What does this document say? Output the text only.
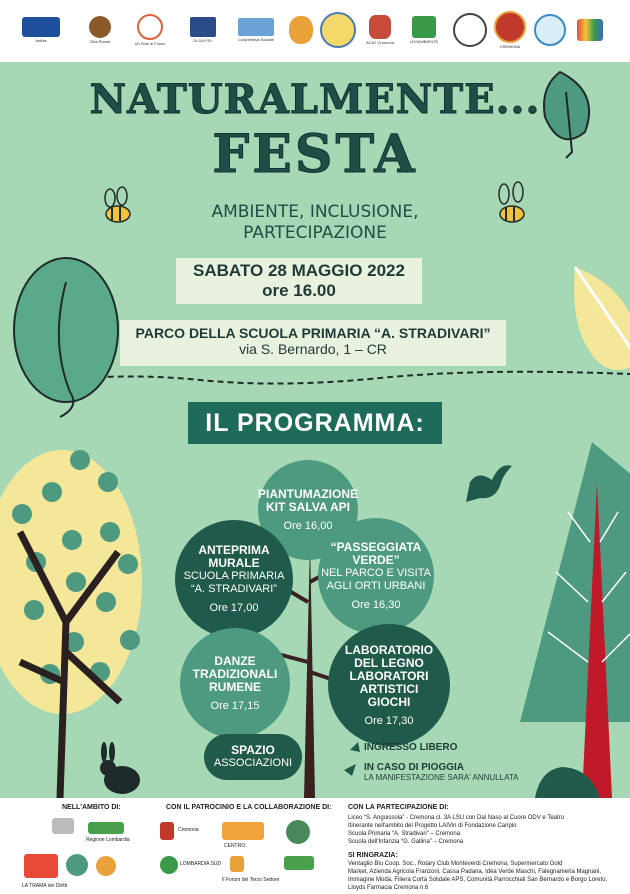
Anffas	Città Rurale	Un Sole di Fuoco
DI.DA.PSI.	Cooperativa Sociale
ACAT Cremona	LEGAMBIENTE
CREMONA
NATURALMENTE...
FESTA
AMBIENTE, INCLUSIONE,
PARTECIPAZIONE
SABATO 28 MAGGIO 2022
ore 16.00
PARCO DELLA SCUOLA PRIMARIA “A. STRADIVARI”
via S. Bernardo, 1 – CR
IL PROGRAMMA:
PIANTUMAZIONE
KIT SALVA API
Ore 16,00
ANTEPRIMA
MURALE
SCUOLA PRIMARIA
“A. STRADIVARI”
Ore 17,00
“PASSEGGIATA
VERDE”
NEL PARCO E VISITA
AGLI ORTI URBANI
Ore 16,30
DANZE
TRADIZIONALI
RUMENE
Ore 17,15
LABORATORIO
DEL LEGNO
LABORATORI
ARTISTICI
GIOCHI
Ore 17,30
SPAZIO
ASSOCIAZIONI
INGRESSO LIBERO
IN CASO DI PIOGGIA
LA MANIFESTAZIONE SARA' ANNULLATA
NELL'AMBITO DI:
Regione Lombardia
LA TRAMA dei Diritti
CON IL PATROCINIO E LA COLLABORAZIONE DI:
Cremona
CENTRO
LOMBARDIA SUD
Il Forum del Terzo Settore
CON LA PARTECIPAZIONE DI:
Liceo “S. Anguissola” - Cremona cl. 3A LSU con Dal Naso al Cuore ODV e Teatro
Itinerante nell'ambito del Progetto LAIVin di Fondazione Cariplo
Scuola Primaria “A. Stradivari” – Cremona
Scuola dell'Infanzia “G. Gallina” – Cremona
SI RINGRAZIA:
Ventaglio Blu Coop. Soc., Rotary Club Monteverdi Cremona, Supermercato Gold
Market, Azienda Agricola Franzoni, Cassa Padana, Idea Verde Maschi, Falegnameria Magnani,
Immagine Moda, Filiera Corta Solidale APS, Comunità Parrocchiali San Bernardo e Borgo Loreto,
Lloyds Farmacia Cremona n.6
